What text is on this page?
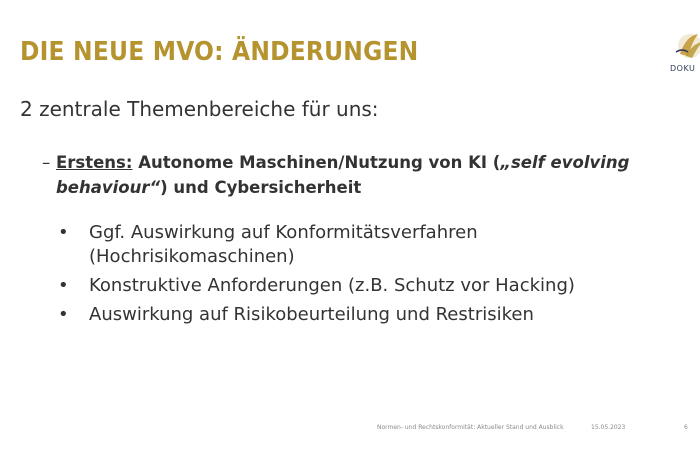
DIE NEUE MVO: ÄNDERUNGEN
DOKU
2 zentrale Themenbereiche für uns:
– Erstens: Autonome Maschinen/Nutzung von KI („self evolving behaviour“) und Cybersicherheit
• Ggf. Auswirkung auf Konformitätsverfahren (Hochrisikomaschinen)
• Konstruktive Anforderungen (z.B. Schutz vor Hacking)
• Auswirkung auf Risikobeurteilung und Restrisiken
Normen- und Rechtskonformität: Aktueller Stand und Ausblick	15.05.2023	6
